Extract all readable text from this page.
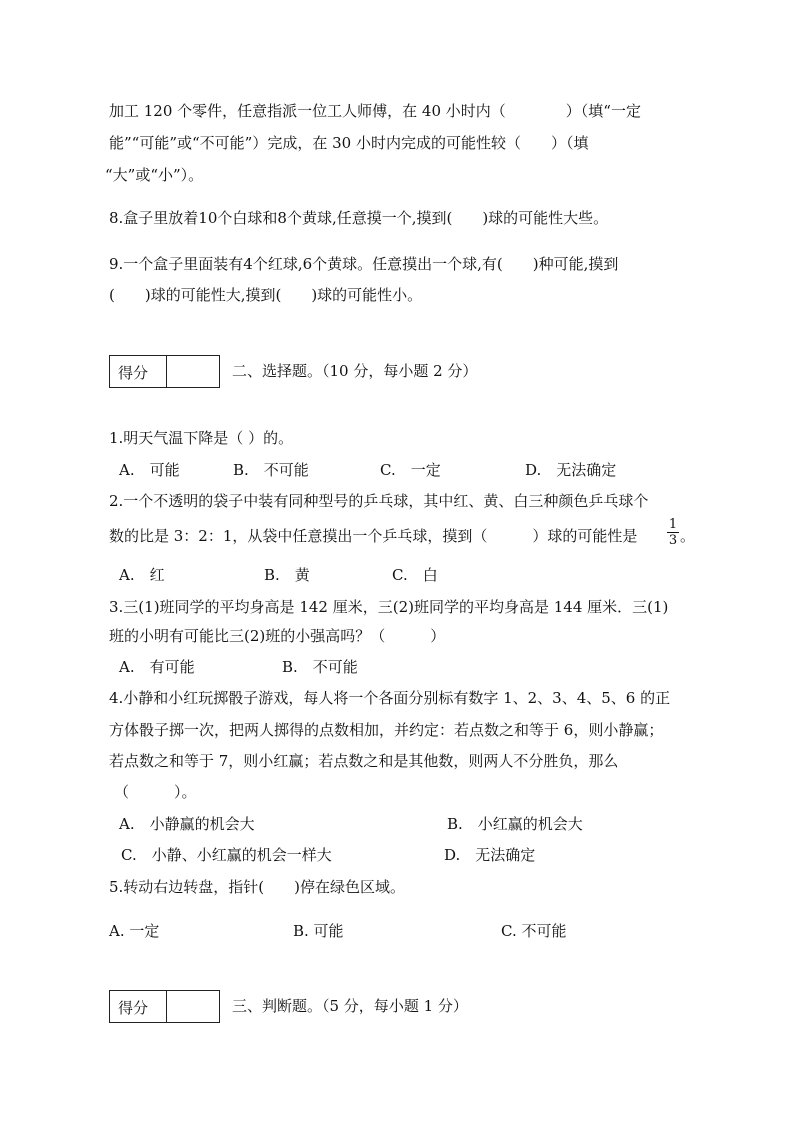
加工 120 个零件，任意指派一位工人师傅，在 40 小时内（　　　　）（填“一定
能”“可能”或“不可能”）完成，在 30 小时内完成的可能性较（　　）（填
“大”或“小”）。
8.盒子里放着10个白球和8个黄球,任意摸一个,摸到(　　)球的可能性大些。
9.一个盒子里面装有4个红球,6个黄球。任意摸出一个球,有(　　)种可能,摸到
(　　)球的可能性大,摸到(　　)球的可能性小。
得分	二、选择题。（10 分，每小题 2 分）
1.明天气温下降是（ ）的。
A.　可能	B.　不可能	C.　一定	D.　无法确定
2.一个不透明的袋子中装有同种型号的乒乓球，其中红、黄、白三种颜色乒乓球个
数的比是 3：2：1，从袋中任意摸出一个乒乓球，摸到（　　　）球的可能性是
1
3 。
A.　红	B.　黄	C.　白
3.三(1)班同学的平均身高是 142 厘米，三(2)班同学的平均身高是 144 厘米．三(1)
班的小明有可能比三(2)班的小强高吗？（　　　）
A.　有可能	B.　不可能
4.小静和小红玩掷骰子游戏，每人将一个各面分别标有数字 1、2、3、4、5、6 的正
方体骰子掷一次，把两人掷得的点数相加，并约定：若点数之和等于 6，则小静赢；
若点数之和等于 7，则小红赢；若点数之和是其他数，则两人不分胜负，那么
（　　　）。
A.　小静赢的机会大	B.　小红赢的机会大
C.　小静、小红赢的机会一样大	D.　无法确定
5.转动右边转盘，指针(　　)停在绿色区域。
A. 一定	B. 可能	C. 不可能
得分	三、判断题。（5 分，每小题 1 分）
